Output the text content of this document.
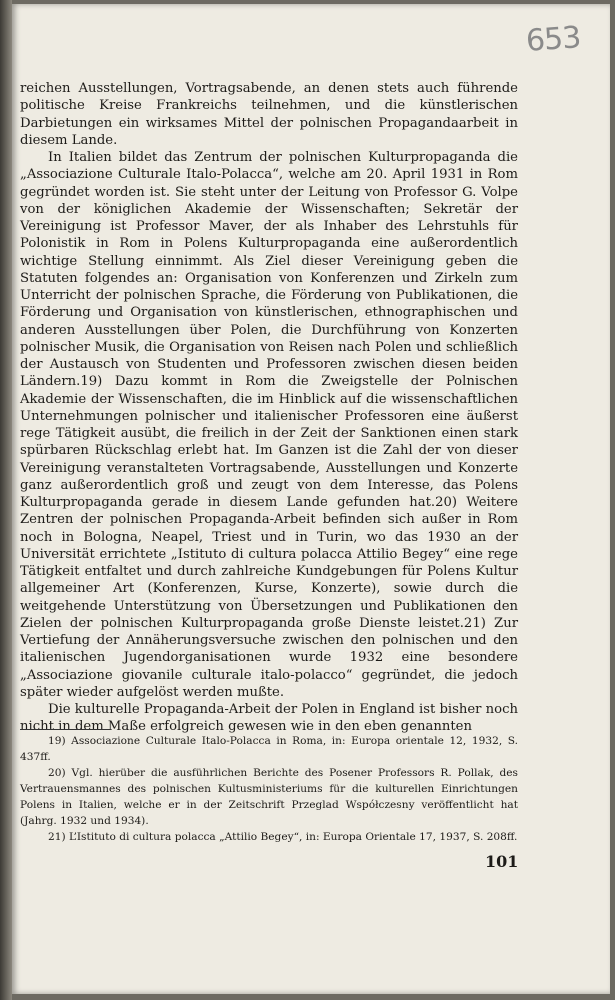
653

reichen Ausstellungen, Vortragsabende, an denen stets auch führende politische Kreise Frankreichs teilnehmen, und die künstlerischen Darbietungen ein wirksames Mittel der polnischen Propagandaarbeit in diesem Lande.

In Italien bildet das Zentrum der polnischen Kulturpropaganda die „Associazione Culturale Italo-Polacca“, welche am 20. April 1931 in Rom gegründet worden ist. Sie steht unter der Leitung von Professor G. Volpe von der königlichen Akademie der Wissenschaften; Sekretär der Vereinigung ist Professor Maver, der als Inhaber des Lehrstuhls für Polonistik in Rom in Polens Kulturpropaganda eine außerordentlich wichtige Stellung einnimmt. Als Ziel dieser Vereinigung geben die Statuten folgendes an: Organisation von Konferenzen und Zirkeln zum Unterricht der polnischen Sprache, die Förderung von Publikationen, die Förderung und Organisation von künstlerischen, ethnographischen und anderen Ausstellungen über Polen, die Durchführung von Konzerten polnischer Musik, die Organisation von Reisen nach Polen und schließlich der Austausch von Studenten und Professoren zwischen diesen beiden Ländern.19) Dazu kommt in Rom die Zweigstelle der Polnischen Akademie der Wissenschaften, die im Hinblick auf die wissenschaftlichen Unternehmungen polnischer und italienischer Professoren eine äußerst rege Tätigkeit ausübt, die freilich in der Zeit der Sanktionen einen stark spürbaren Rückschlag erlebt hat. Im Ganzen ist die Zahl der von dieser Vereinigung veranstalteten Vortragsabende, Ausstellungen und Konzerte ganz außerordentlich groß und zeugt von dem Interesse, das Polens Kulturpropaganda gerade in diesem Lande gefunden hat.20) Weitere Zentren der polnischen Propaganda-Arbeit befinden sich außer in Rom noch in Bologna, Neapel, Triest und in Turin, wo das 1930 an der Universität errichtete „Istituto di cultura polacca Attilio Begey“ eine rege Tätigkeit entfaltet und durch zahlreiche Kundgebungen für Polens Kultur allgemeiner Art (Konferenzen, Kurse, Konzerte), sowie durch die weitgehende Unterstützung von Übersetzungen und Publikationen den Zielen der polnischen Kulturpropaganda große Dienste leistet.21) Zur Vertiefung der Annäherungsversuche zwischen den polnischen und den italienischen Jugendorganisationen wurde 1932 eine besondere „Associazione giovanile culturale italo-polacco“ gegründet, die jedoch später wieder aufgelöst werden mußte.

Die kulturelle Propaganda-Arbeit der Polen in England ist bisher noch nicht in dem Maße erfolgreich gewesen wie in den eben genannten

19) Associazione Culturale Italo-Polacca in Roma, in: Europa orientale 12, 1932, S. 437ff.

20) Vgl. hierüber die ausführlichen Berichte des Posener Professors R. Pollak, des Vertrauensmannes des polnischen Kultusministeriums für die kulturellen Einrichtungen Polens in Italien, welche er in der Zeitschrift Przeglad Współczesny veröffentlicht hat (Jahrg. 1932 und 1934).

21) L’Istituto di cultura polacca „Attilio Begey“, in: Europa Orientale 17, 1937, S. 208ff.

101
